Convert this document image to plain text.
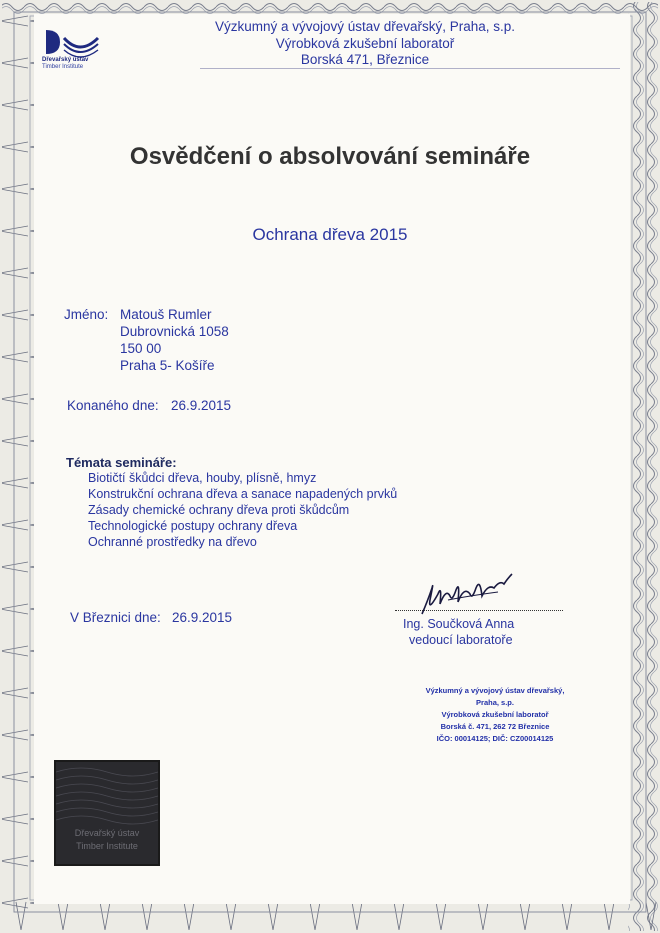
Dřevařský ústav
Timber Institute
Výzkumný a vývojový ústav dřevařský, Praha, s.p.
Výrobková zkušební laboratoř
Borská 471, Březnice
Osvědčení o absolvování semináře
Ochrana dřeva 2015
Jméno: Matouš Rumler
Dubrovnická 1058
150 00
Praha 5- Košíře
Konaného dne: 26.9.2015
Témata semináře:
Biotičtí škůdci dřeva, houby, plísně, hmyz
Konstrukční ochrana dřeva a sanace napadených prvků
Zásady chemické ochrany dřeva proti škůdcům
Technologické postupy ochrany dřeva
Ochranné prostředky na dřevo
V Březnici dne: 26.9.2015	Ing. Součková Anna
vedoucí laboratoře
Výzkumný a vývojový ústav dřevařský,
Praha, s.p.
Výrobková zkušební laboratoř
Borská č. 471, 262 72 Březnice
IČO: 00014125; DIČ: CZ00014125
Dřevařský ústav
Timber Institute
